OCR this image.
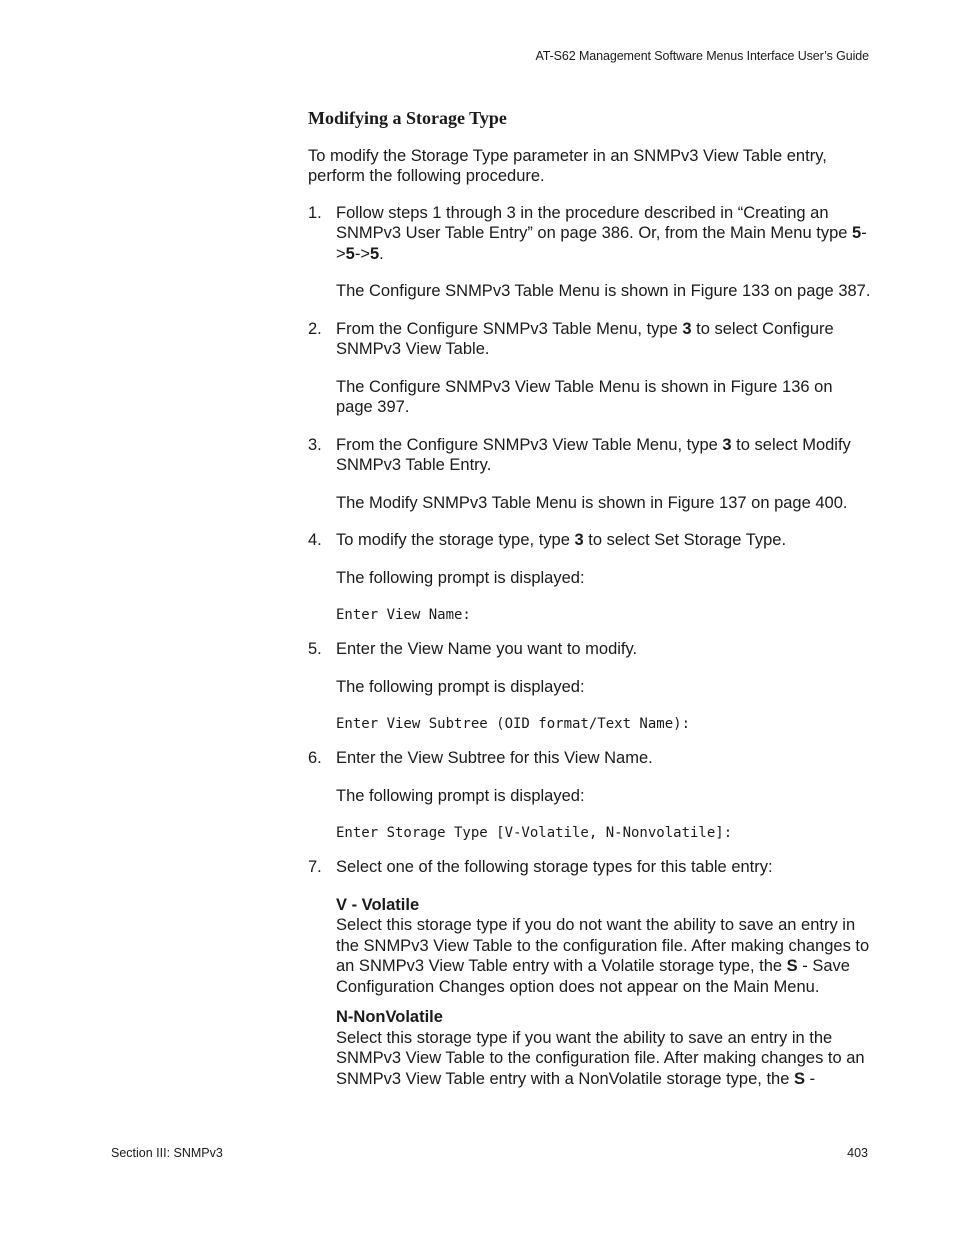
AT-S62 Management Software Menus Interface User’s Guide
Modifying a Storage Type

To modify the Storage Type parameter in an SNMPv3 View Table entry, perform the following procedure.

1. Follow steps 1 through 3 in the procedure described in “Creating an SNMPv3 User Table Entry” on page 386. Or, from the Main Menu type 5->5->5.

The Configure SNMPv3 Table Menu is shown in Figure 133 on page 387.

2. From the Configure SNMPv3 Table Menu, type 3 to select Configure SNMPv3 View Table.

The Configure SNMPv3 View Table Menu is shown in Figure 136 on page 397.

3. From the Configure SNMPv3 View Table Menu, type 3 to select Modify SNMPv3 Table Entry.

The Modify SNMPv3 Table Menu is shown in Figure 137 on page 400.

4. To modify the storage type, type 3 to select Set Storage Type.

The following prompt is displayed:

Enter View Name:
5. Enter the View Name you want to modify.

The following prompt is displayed:

Enter View Subtree (OID format/Text Name):
6. Enter the View Subtree for this View Name.

The following prompt is displayed:

Enter Storage Type [V-Volatile, N-Nonvolatile]:
7. Select one of the following storage types for this table entry:
V - Volatile

Select this storage type if you do not want the ability to save an entry in the SNMPv3 View Table to the configuration file. After making changes to an SNMPv3 View Table entry with a Volatile storage type, the S - Save Configuration Changes option does not appear on the Main Menu.

N-NonVolatile

Select this storage type if you want the ability to save an entry in the SNMPv3 View Table to the configuration file. After making changes to an SNMPv3 View Table entry with a NonVolatile storage type, the S -

Section III: SNMPv3	403
